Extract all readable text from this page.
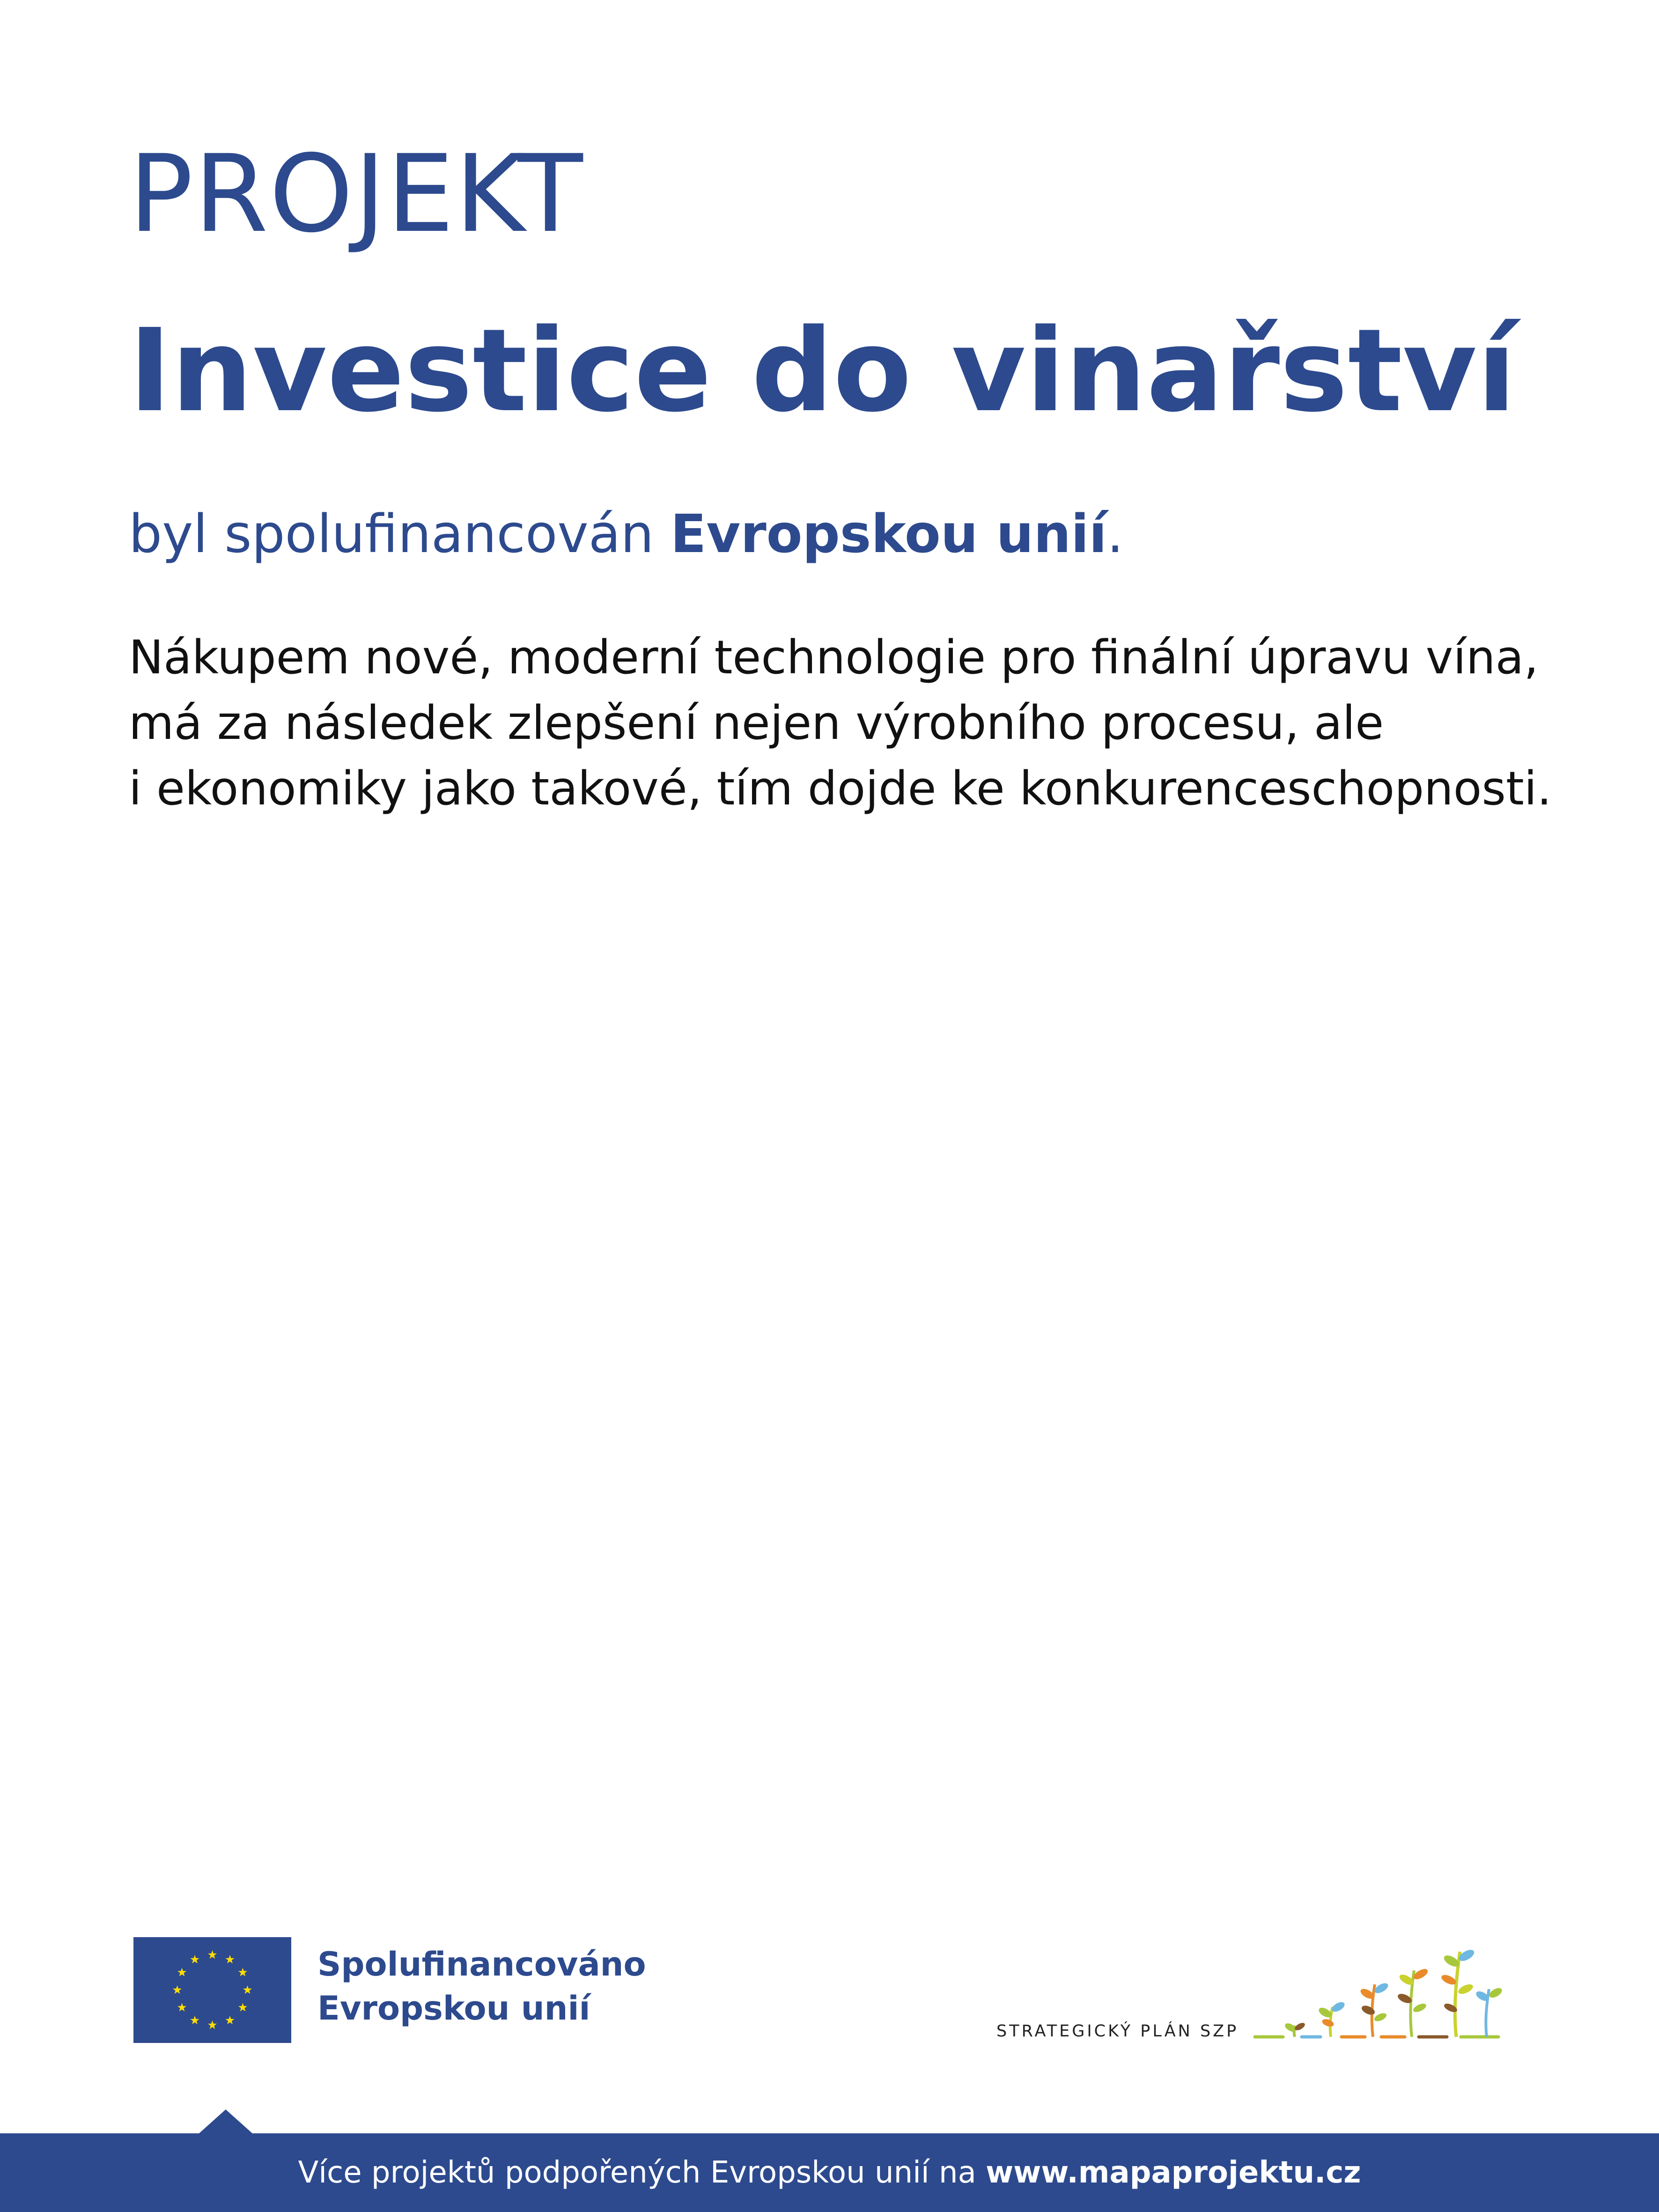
PROJEKT
Investice do vinařství
byl spolufinancován Evropskou unií.
Nákupem nové, moderní technologie pro finální úpravu vína,
má za následek zlepšení nejen výrobního procesu, ale
i ekonomiky jako takové, tím dojde ke konkurenceschopnosti.
Spolufinancováno
Evropskou unií
STRATEGICKÝ PLÁN SZP
Více projektů podpořených Evropskou unií na www.mapaprojektu.cz
